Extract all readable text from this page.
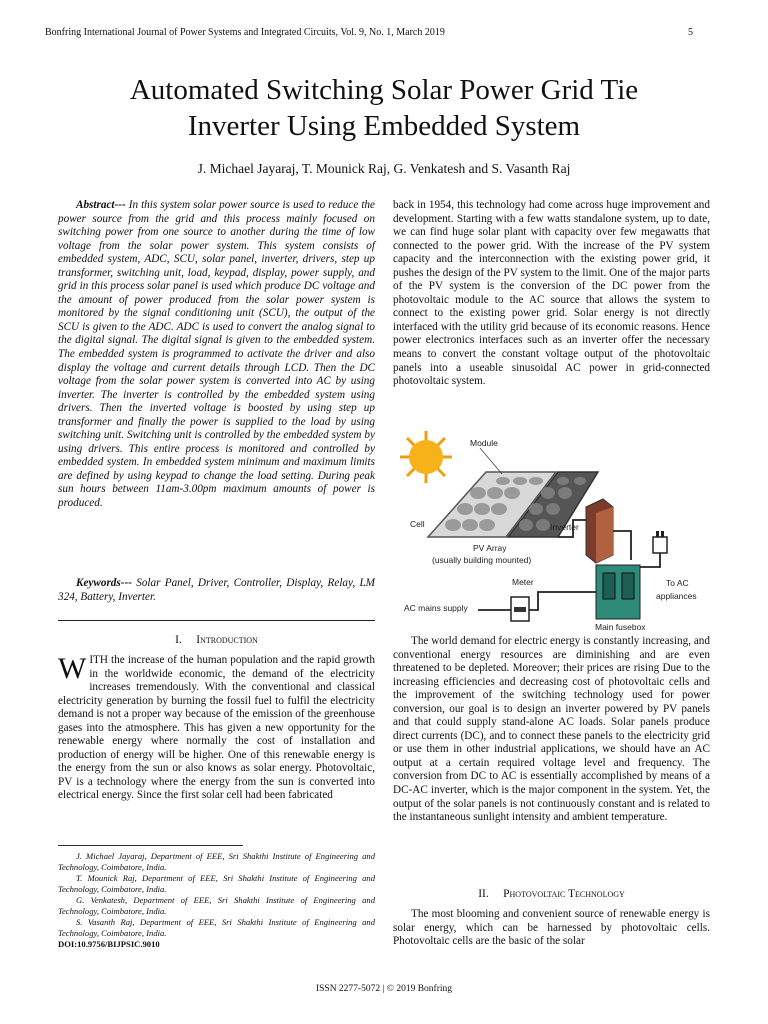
Bonfring International Journal of Power Systems and Integrated Circuits, Vol. 9, No. 1, March 2019	5
Automated Switching Solar Power Grid Tie
Inverter Using Embedded System
J. Michael Jayaraj, T. Mounick Raj, G. Venkatesh and S. Vasanth Raj

Abstract--- In this system solar power source is used to reduce the power source from the grid and this process mainly focused on switching power from one source to another during the time of low voltage from the solar power system. This system consists of embedded system, ADC, SCU, solar panel, inverter, drivers, step up transformer, switching unit, load, keypad, display, power supply, and grid in this process solar panel is used which produce DC voltage and the amount of power produced from the solar power system is monitored by the signal conditioning unit (SCU), the output of the SCU is given to the ADC. ADC is used to convert the analog signal to the digital signal. The digital signal is given to the embedded system. The embedded system is programmed to activate the driver and also display the voltage and current details through LCD. Then the DC voltage from the solar power system is converted into AC by using inverter. The inverter is controlled by the embedded system using drivers. Then the inverted voltage is boosted by using step up transformer and finally the power is supplied to the load by using switching unit. Switching unit is controlled by the embedded system by using drivers. This entire process is monitored and controlled by embedded system. In embedded system minimum and maximum limits are defined by using keypad to change the load setting. During peak sun hours between 11am-3.00pm maximum amounts of power is produced.

Keywords--- Solar Panel, Driver, Controller, Display, Relay, LM 324, Battery, Inverter.

I. Introduction

WITH the increase of the human population and the rapid growth in the worldwide economic, the demand of the electricity increases tremendously. With the conventional and classical electricity generation by burning the fossil fuel to fulfil the electricity demand is not a proper way because of the emission of the greenhouse gases into the atmosphere. This has given a new opportunity for the renewable energy where normally the cost of installation and production of energy will be higher. One of this renewable energy is the energy from the sun or also knows as solar energy. Photovoltaic, PV is a technology where the energy from the sun is converted into electrical energy. Since the first solar cell had been fabricated

J. Michael Jayaraj, Department of EEE, Sri Shakthi Institute of Engineering and Technology, Coimbatore, India.

T. Mounick Raj, Department of EEE, Sri Shakthi Institute of Engineering and Technology, Coimbatore, India.

G. Venkatesh, Department of EEE, Sri Shakthi Institute of Engineering and Technology, Coimbatore, India.

S. Vasanth Raj, Department of EEE, Sri Shakthi Institute of Engineering and Technology, Coimbatore, India.

DOI:10.9756/BIJPSIC.9010

back in 1954, this technology had come across huge improvement and development. Starting with a few watts standalone system, up to date, we can find huge solar plant with capacity over few megawatts that connected to the power grid. With the increase of the PV system capacity and the interconnection with the existing power grid, it pushes the design of the PV system to the limit. One of the major parts of the PV system is the conversion of the DC power from the photovoltaic module to the AC source that allows the system to connect to the existing power grid. Solar energy is not directly interfaced with the utility grid because of its economic reasons. Hence power electronics interfaces such as an inverter offer the necessary means to convert the constant voltage output of the photovoltaic panels into a useable sinusoidal AC power in grid-connected photovoltaic system.

Module
Cell	Inverter
PV Array
(usually building mounted)
Meter
AC mains supply
To AC
appliances
Main fusebox

The world demand for electric energy is constantly increasing, and conventional energy resources are diminishing and are even threatened to be depleted. Moreover; their prices are rising Due to the increasing efficiencies and decreasing cost of photovoltaic cells and the improvement of the switching technology used for power conversion, our goal is to design an inverter powered by PV panels and that could supply stand-alone AC loads. Solar panels produce direct currents (DC), and to connect these panels to the electricity grid or use them in other industrial applications, we should have an AC output at a certain required voltage level and frequency. The conversion from DC to AC is essentially accomplished by means of a DC-AC inverter, which is the major component in the system. Yet, the output of the solar panels is not continuously constant and is related to the instantaneous sunlight intensity and ambient temperature.

II. Photovoltaic Technology

The most blooming and convenient source of renewable energy is solar energy, which can be harnessed by photovoltaic cells. Photovoltaic cells are the basic of the solar

ISSN 2277-5072 | © 2019 Bonfring
